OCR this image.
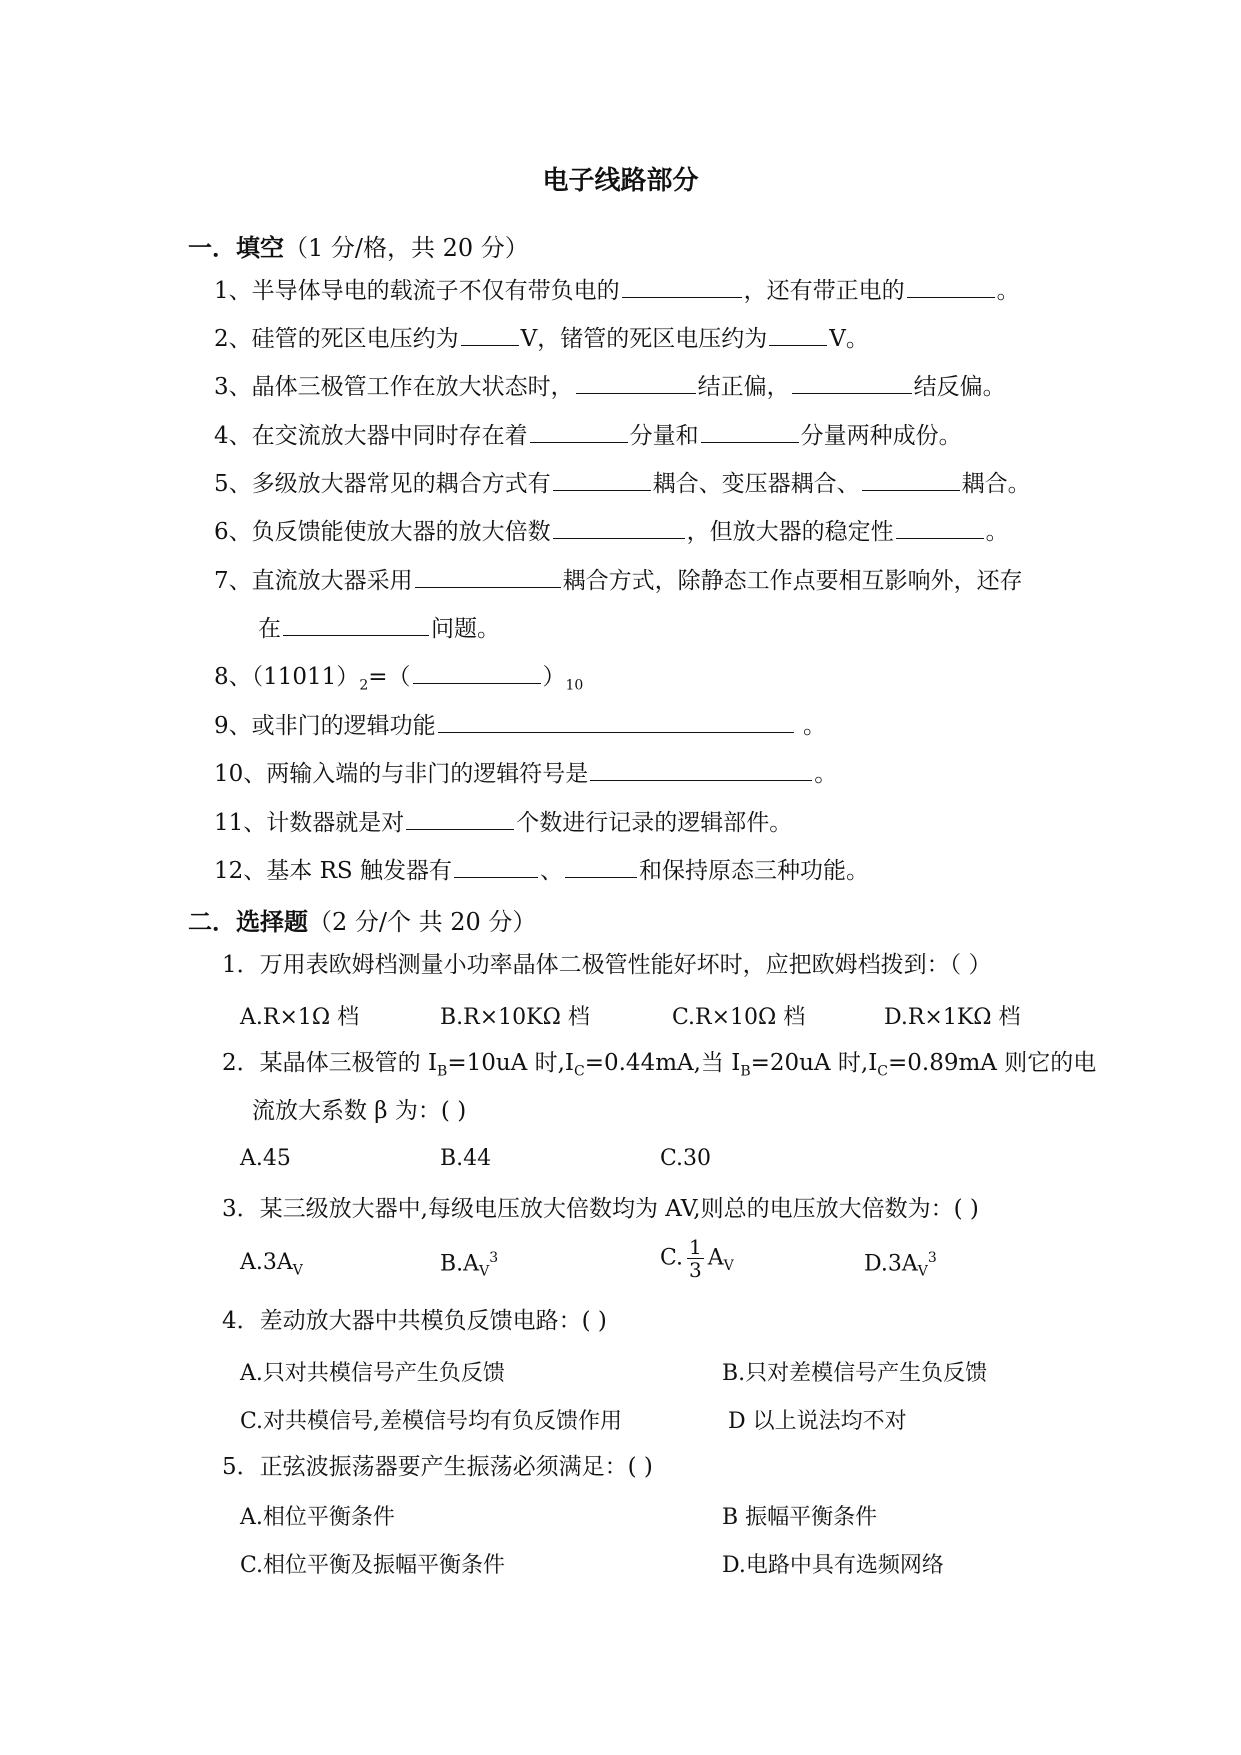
电子线路部分
一．填空（1 分/格，共 20 分）
1、半导体导电的载流子不仅有带负电的	，还有带正电的	。
2、硅管的死区电压约为	V，锗管的死区电压约为	V。
3、晶体三极管工作在放大状态时，	结正偏，	结反偏。
4、在交流放大器中同时存在着	分量和	分量两种成份。
5、多级放大器常见的耦合方式有	耦合、变压器耦合、	耦合。
6、负反馈能使放大器的放大倍数	，但放大器的稳定性	。
7、直流放大器采用	耦合方式，除静态工作点要相互影响外，还存
在	问题。
8、$(11011)_2=$（	）$_{10}$
9、或非门的逻辑功能	。
10、两输入端的与非门的逻辑符号是	。
11、计数器就是对	个数进行记录的逻辑部件。
12、基本 RS 触发器有	、	和保持原态三种功能。
二．选择题（2 分/个 共 20 分）
1．万用表欧姆档测量小功率晶体二极管性能好坏时，应把欧姆档拨到：（ ）
A.R×1Ω 档	B.R×10KΩ 档	C.R×10Ω 档	D.R×1KΩ 档
2．某晶体三极管的 $I_B=10uA$ 时$,I_C=0.44mA$,当 $I_B=20uA$ 时$,I_C=0.89mA$ 则它的电
流放大系数 β 为：( )
A.45	B.44	C.30
3．某三级放大器中,每级电压放大倍数均为 AV,则总的电压放大倍数为：( )
$A.3A_V$	$B.A_V^3$	C. $\frac{1}{3} A_V$	$D.3A_V^3$
4．差动放大器中共模负反馈电路：( )
A.只对共模信号产生负反馈	B.只对差模信号产生负反馈
C.对共模信号,差模信号均有负反馈作用	D 以上说法均不对
5．正弦波振荡器要产生振荡必须满足：( )
A.相位平衡条件	B 振幅平衡条件
C.相位平衡及振幅平衡条件	D.电路中具有选频网络
